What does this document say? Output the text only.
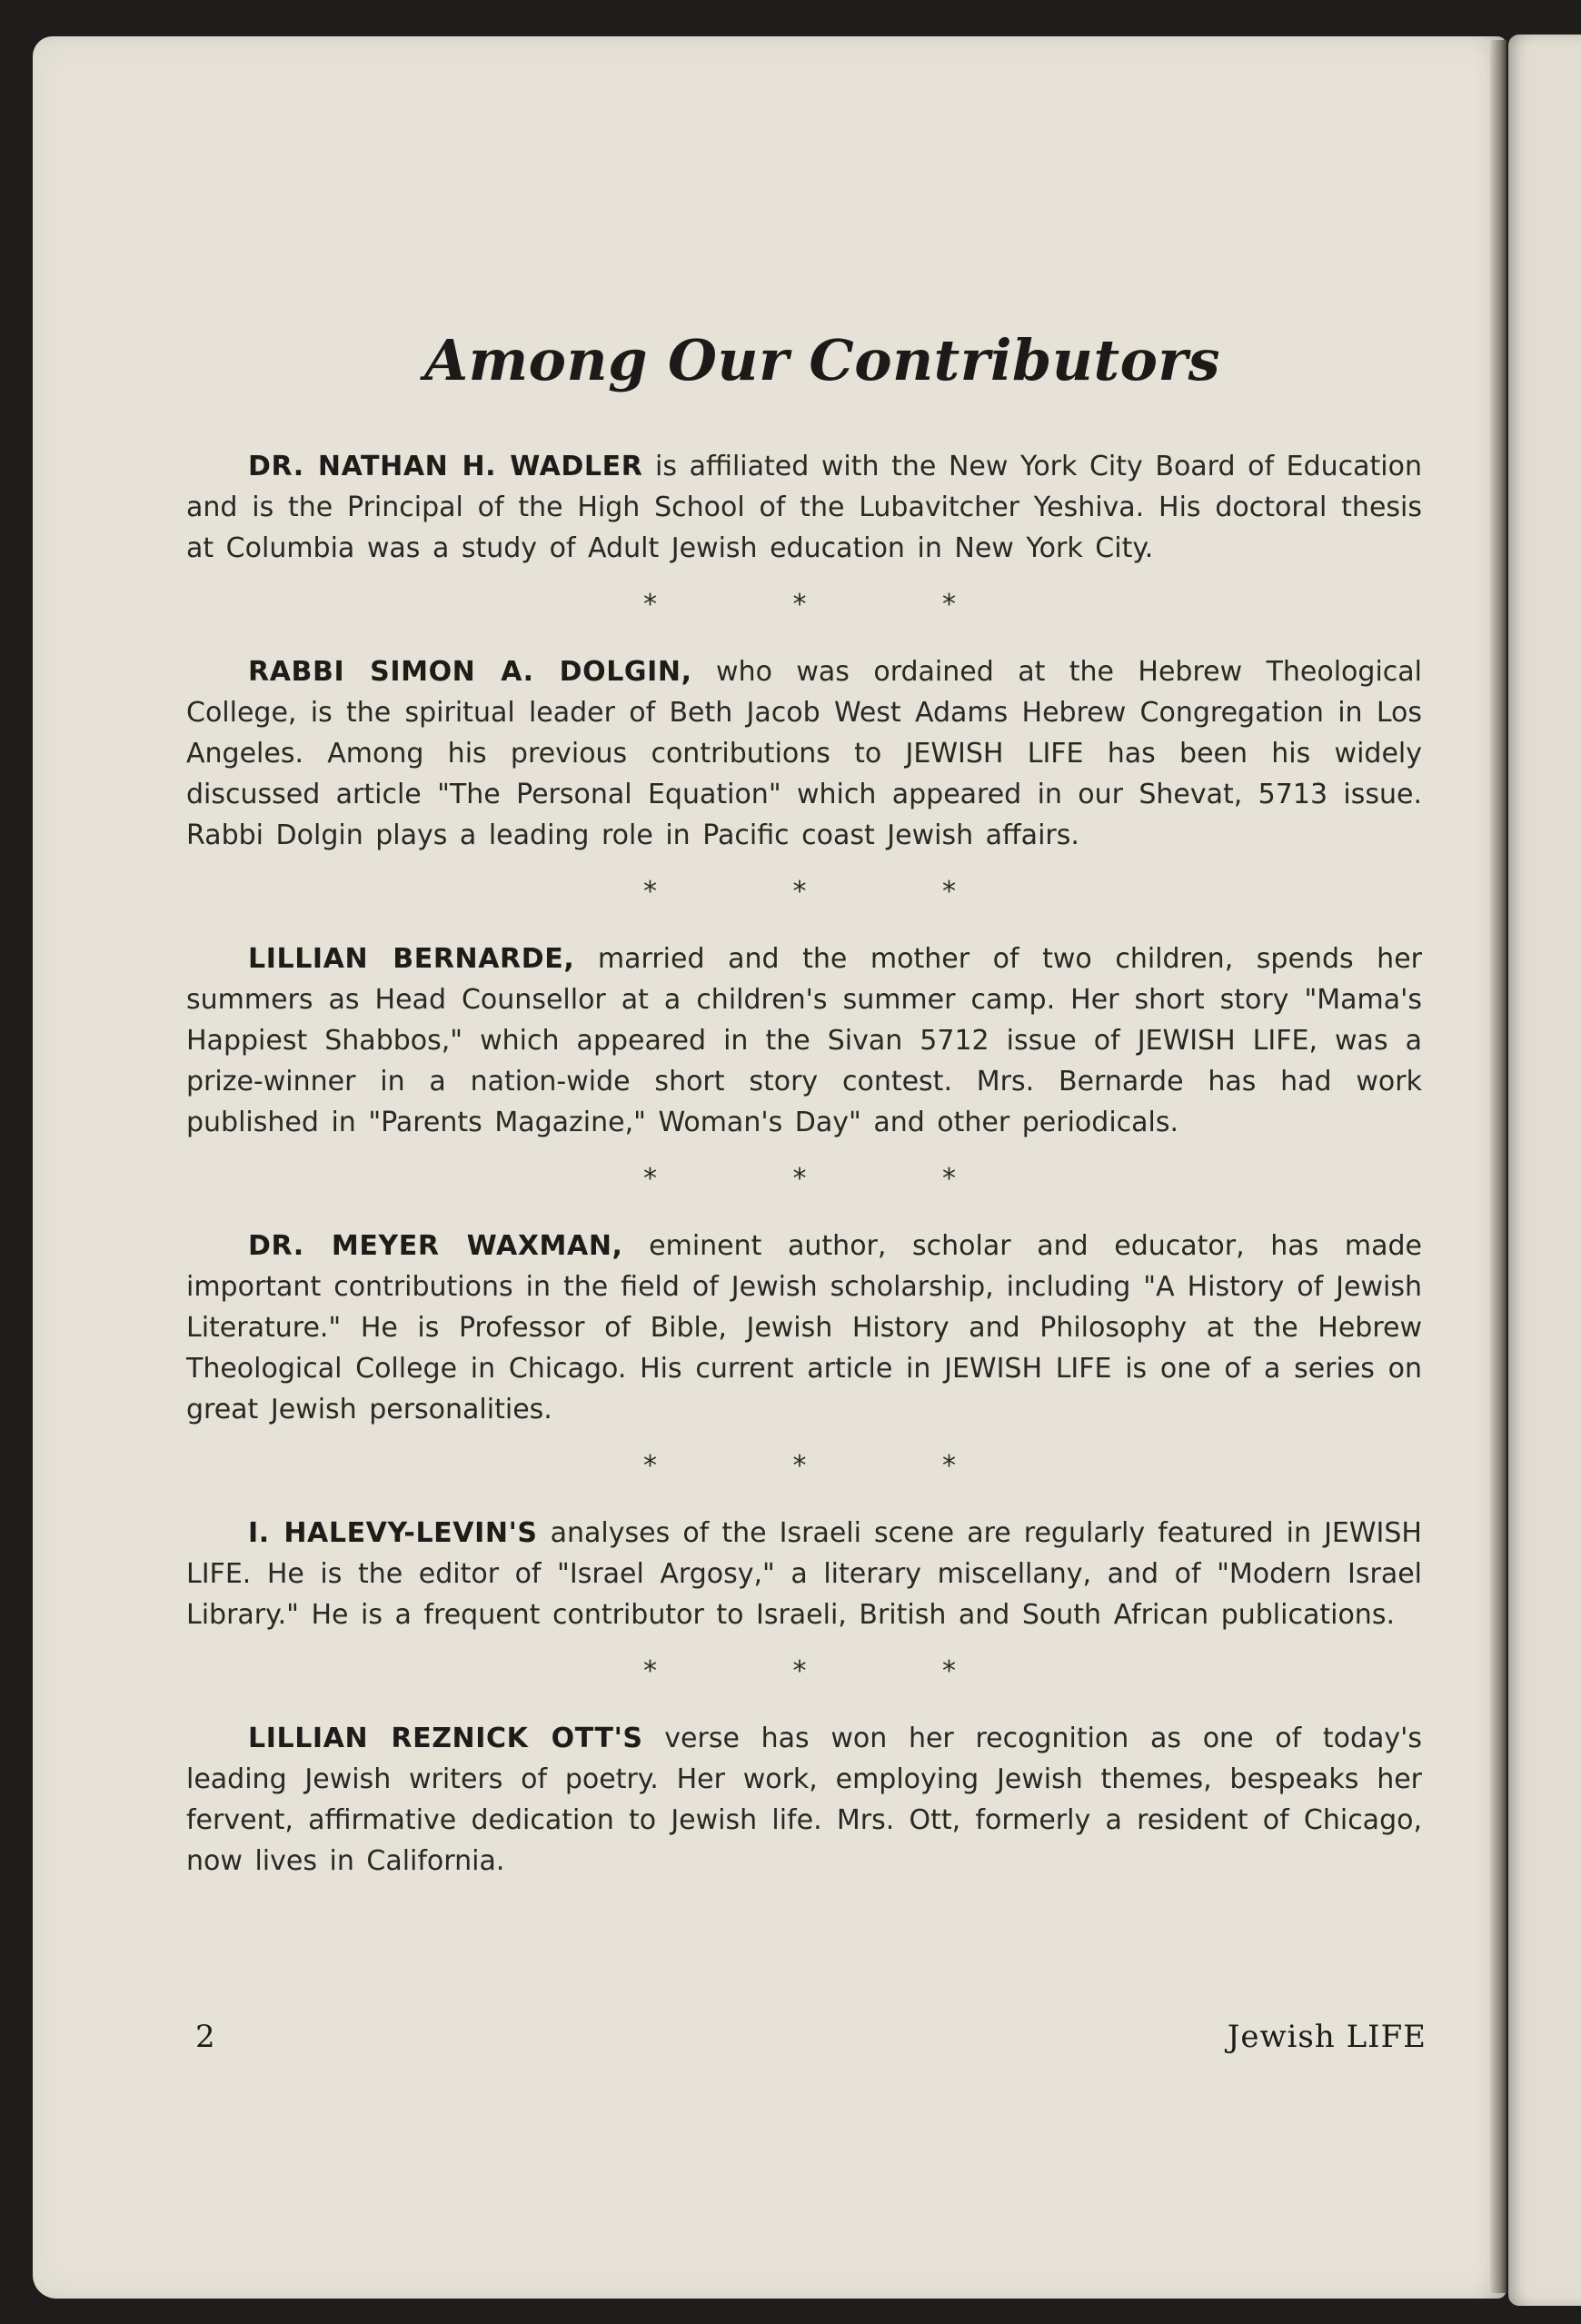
Among Our Contributors

DR. NATHAN H. WADLER is affiliated with the New York City Board of Education and is the Principal of the High School of the Lubavitcher Yeshiva. His doctoral thesis at Columbia was a study of Adult Jewish education in New York City.

* * *

RABBI SIMON A. DOLGIN, who was ordained at the Hebrew Theological College, is the spiritual leader of Beth Jacob West Adams Hebrew Congregation in Los Angeles. Among his previous contributions to JEWISH LIFE has been his widely discussed article "The Personal Equation" which appeared in our Shevat, 5713 issue. Rabbi Dolgin plays a leading role in Pacific coast Jewish affairs.

* * *

LILLIAN BERNARDE, married and the mother of two children, spends her summers as Head Counsellor at a children's summer camp. Her short story "Mama's Happiest Shabbos," which appeared in the Sivan 5712 issue of JEWISH LIFE, was a prize-winner in a nation-wide short story contest. Mrs. Bernarde has had work published in "Parents Magazine," Woman's Day" and other periodicals.

* * *

DR. MEYER WAXMAN, eminent author, scholar and educator, has made important contributions in the field of Jewish scholarship, including "A History of Jewish Literature." He is Professor of Bible, Jewish History and Philosophy at the Hebrew Theological College in Chicago. His current article in JEWISH LIFE is one of a series on great Jewish personalities.

* * *

I. HALEVY-LEVIN'S analyses of the Israeli scene are regularly featured in JEWISH LIFE. He is the editor of "Israel Argosy," a literary miscellany, and of "Modern Israel Library." He is a frequent contributor to Israeli, British and South African publications.

* * *

LILLIAN REZNICK OTT'S verse has won her recognition as one of today's leading Jewish writers of poetry. Her work, employing Jewish themes, bespeaks her fervent, affirmative dedication to Jewish life. Mrs. Ott, formerly a resident of Chicago, now lives in California.

2	Jewish LIFE
